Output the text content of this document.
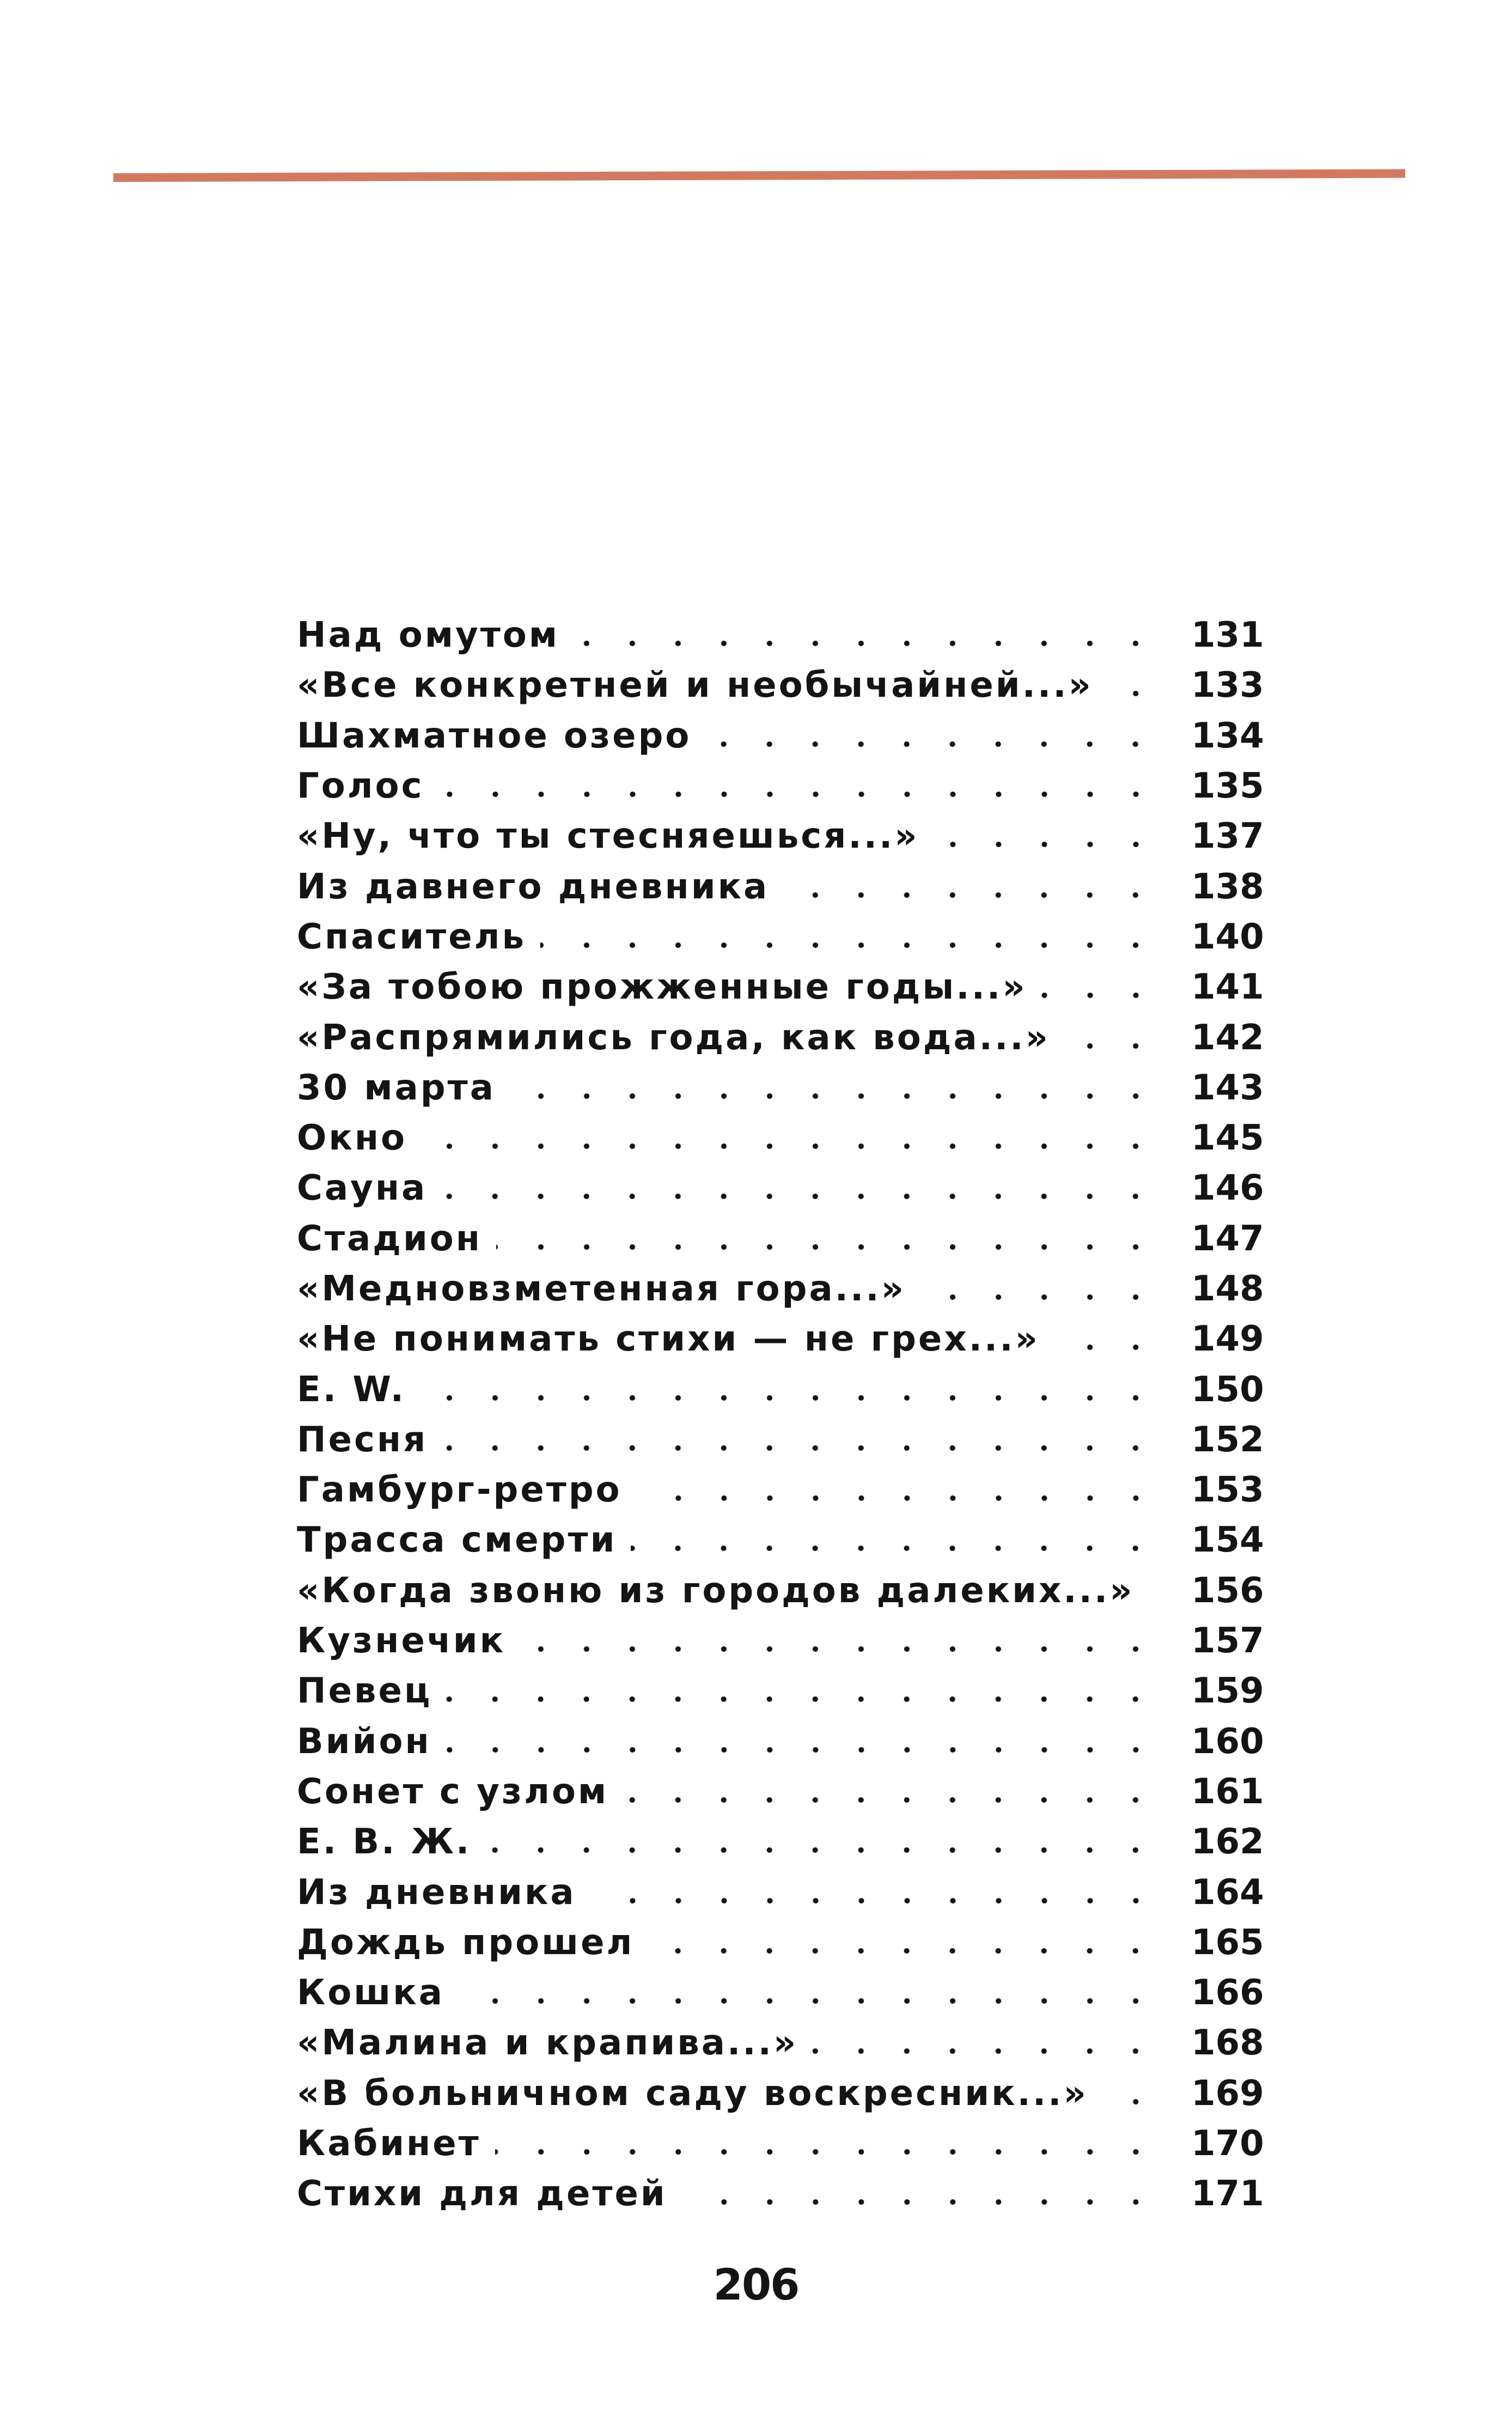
Над омутом	131
«Все конкретней и необычайней...»	133
Шахматное озеро	134
Голос	135
«Ну, что ты стесняешься...»	137
Из давнего дневника	138
Спаситель	140
«За тобою прожженные годы...»	141
«Распрямились года, как вода...»	142
30 марта	143
Окно	145
Сауна	146
Стадион	147
«Медновзметенная гора...»	148
«Не понимать стихи — не грех...»	149
Е. W.	150
Песня	152
Гамбург-ретро	153
Трасса смерти	154
«Когда звоню из городов далеких...»	156
Кузнечик	157
Певец	159
Вийон	160
Сонет с узлом	161
Е. В. Ж.	162
Из дневника	164
Дождь прошел	165
Кошка	166
«Малина и крапива...»	168
«В больничном саду воскресник...»	169
Кабинет	170
Стихи для детей	171
206
